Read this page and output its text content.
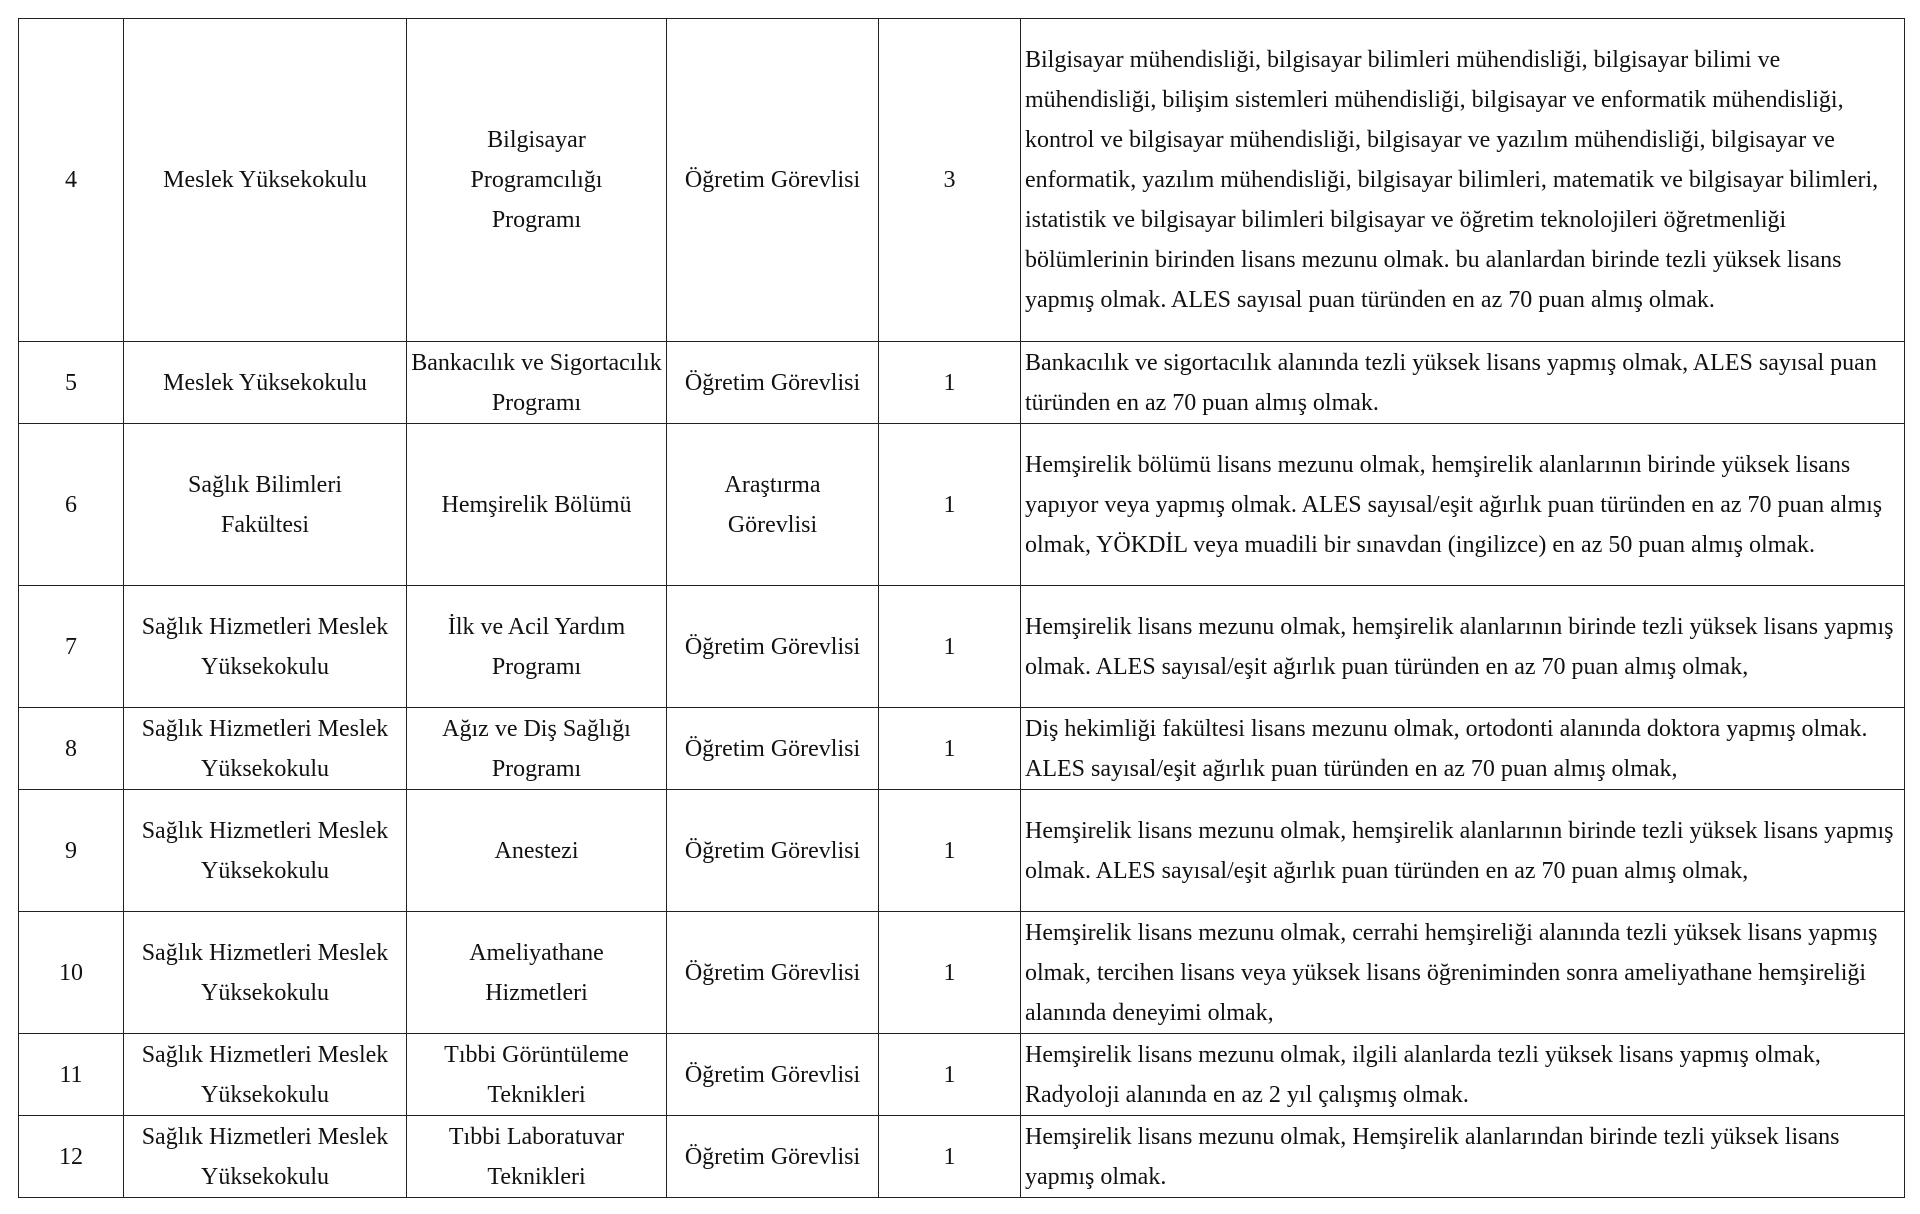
4	Meslek Yüksekokulu	Bilgisayar Programcılığı Programı	Öğretim Görevlisi	3	Bilgisayar mühendisliği, bilgisayar bilimleri mühendisliği, bilgisayar bilimi ve mühendisliği, bilişim sistemleri mühendisliği, bilgisayar ve enformatik mühendisliği, kontrol ve bilgisayar mühendisliği, bilgisayar ve yazılım mühendisliği, bilgisayar ve enformatik, yazılım mühendisliği, bilgisayar bilimleri, matematik ve bilgisayar bilimleri, istatistik ve bilgisayar bilimleri bilgisayar ve öğretim teknolojileri öğretmenliği bölümlerinin birinden lisans mezunu olmak. bu alanlardan birinde tezli yüksek lisans yapmış olmak. ALES sayısal puan türünden en az 70 puan almış olmak.
5	Meslek Yüksekokulu	Bankacılık ve Sigortacılık Programı	Öğretim Görevlisi	1	Bankacılık ve sigortacılık alanında tezli yüksek lisans yapmış olmak, ALES sayısal puan türünden en az 70 puan almış olmak.
6	Sağlık Bilimleri Fakültesi	Hemşirelik Bölümü	Araştırma Görevlisi	1	Hemşirelik bölümü lisans mezunu olmak, hemşirelik alanlarının birinde yüksek lisans yapıyor veya yapmış olmak. ALES sayısal/eşit ağırlık puan türünden en az 70 puan almış olmak, YÖKDİL veya muadili bir sınavdan (ingilizce) en az 50 puan almış olmak.
7	Sağlık Hizmetleri Meslek Yüksekokulu	İlk ve Acil Yardım Programı	Öğretim Görevlisi	1	Hemşirelik lisans mezunu olmak, hemşirelik alanlarının birinde tezli yüksek lisans yapmış olmak. ALES sayısal/eşit ağırlık puan türünden en az 70 puan almış olmak,
8	Sağlık Hizmetleri Meslek Yüksekokulu	Ağız ve Diş Sağlığı Programı	Öğretim Görevlisi	1	Diş hekimliği fakültesi lisans mezunu olmak, ortodonti alanında doktora yapmış olmak. ALES sayısal/eşit ağırlık puan türünden en az 70 puan almış olmak,
9	Sağlık Hizmetleri Meslek Yüksekokulu	Anestezi	Öğretim Görevlisi	1	Hemşirelik lisans mezunu olmak, hemşirelik alanlarının birinde tezli yüksek lisans yapmış olmak. ALES sayısal/eşit ağırlık puan türünden en az 70 puan almış olmak,
10	Sağlık Hizmetleri Meslek Yüksekokulu	Ameliyathane Hizmetleri	Öğretim Görevlisi	1	Hemşirelik lisans mezunu olmak, cerrahi hemşireliği alanında tezli yüksek lisans yapmış olmak, tercihen lisans veya yüksek lisans öğreniminden sonra ameliyathane hemşireliği alanında deneyimi olmak,
11	Sağlık Hizmetleri Meslek Yüksekokulu	Tıbbi Görüntüleme Teknikleri	Öğretim Görevlisi	1	Hemşirelik lisans mezunu olmak, ilgili alanlarda tezli yüksek lisans yapmış olmak, Radyoloji alanında en az 2 yıl çalışmış olmak.
12	Sağlık Hizmetleri Meslek Yüksekokulu	Tıbbi Laboratuvar Teknikleri	Öğretim Görevlisi	1	Hemşirelik lisans mezunu olmak, Hemşirelik alanlarından birinde tezli yüksek lisans yapmış olmak.
